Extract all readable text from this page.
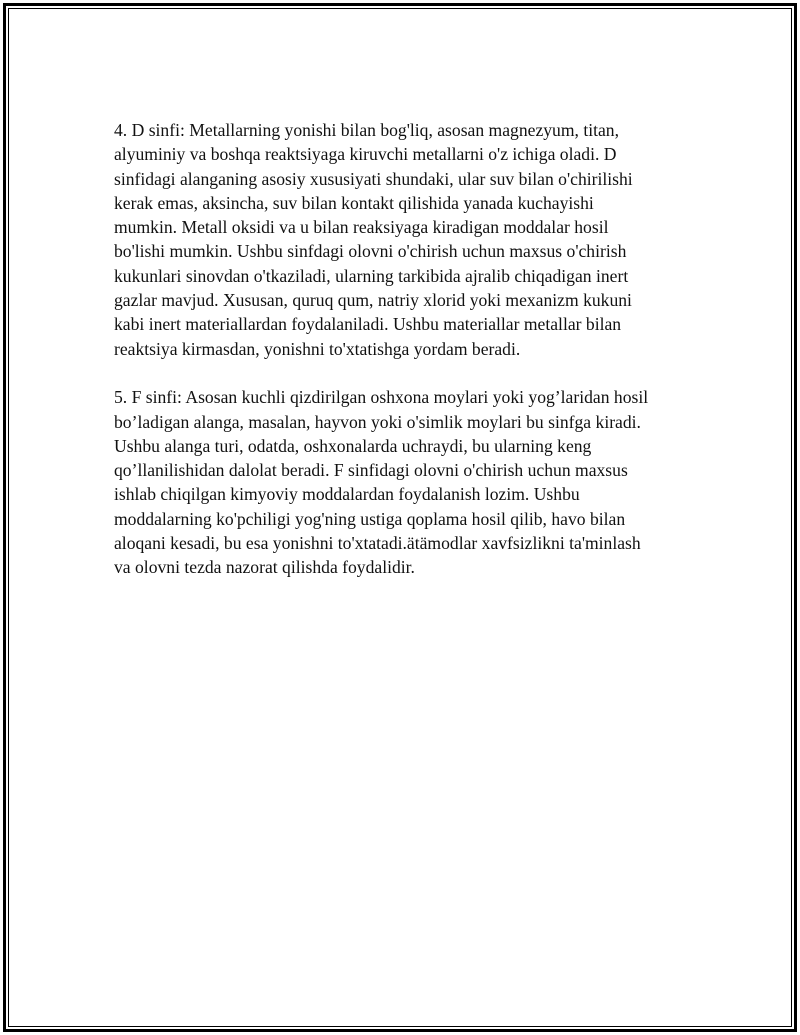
4. D sinfi: Metallarning yonishi bilan bog'liq, asosan magnezyum, titan,
alyuminiy va boshqa reaktsiyaga kiruvchi metallarni o'z ichiga oladi. D
sinfidagi alanganing asosiy xususiyati shundaki, ular suv bilan o'chirilishi
kerak emas, aksincha, suv bilan kontakt qilishida yanada kuchayishi
mumkin. Metall oksidi va u bilan reaksiyaga kiradigan moddalar hosil
bo'lishi mumkin. Ushbu sinfdagi olovni o'chirish uchun maxsus o'chirish
kukunlari sinovdan o'tkaziladi, ularning tarkibida ajralib chiqadigan inert
gazlar mavjud. Xususan, quruq qum, natriy xlorid yoki mexanizm kukuni
kabi inert materiallardan foydalaniladi. Ushbu materiallar metallar bilan
reaktsiya kirmasdan, yonishni to'xtatishga yordam beradi.

5. F sinfi: Asosan kuchli qizdirilgan oshxona moylari yoki yog’laridan hosil
bo’ladigan alanga, masalan, hayvon yoki o'simlik moylari bu sinfga kiradi.
Ushbu alanga turi, odatda, oshxonalarda uchraydi, bu ularning keng
qo’llanilishidan dalolat beradi. F sinfidagi olovni o'chirish uchun maxsus
ishlab chiqilgan kimyoviy moddalardan foydalanish lozim. Ushbu
moddalarning ko'pchiligi yog'ning ustiga qoplama hosil qilib, havo bilan
aloqani kesadi, bu esa yonishni to'xtatadi.ätämodlar xavfsizlikni ta'minlash
va olovni tezda nazorat qilishda foydalidir.
